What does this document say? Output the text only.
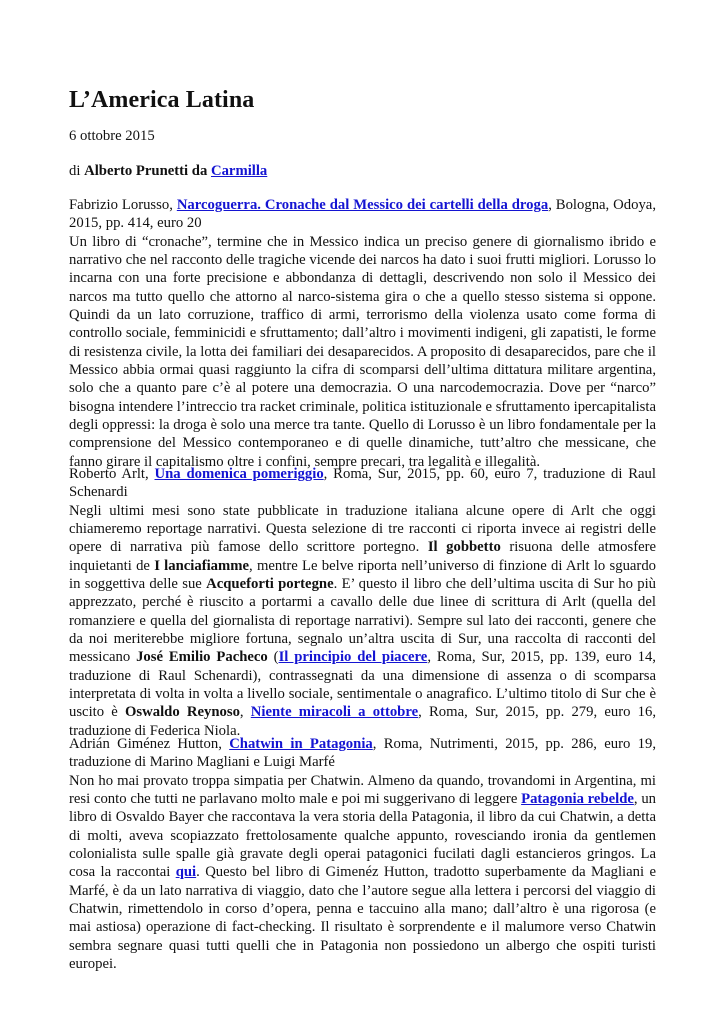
L’America Latina
6 ottobre 2015
di Alberto Prunetti da Carmilla

Fabrizio Lorusso, Narcoguerra. Cronache dal Messico dei cartelli della droga, Bologna, Odoya, 2015, pp. 414, euro 20

Un libro di “cronache”, termine che in Messico indica un preciso genere di giornalismo ibrido e narrativo che nel racconto delle tragiche vicende dei narcos ha dato i suoi frutti migliori. Lorusso lo incarna con una forte precisione e abbondanza di dettagli, descrivendo non solo il Messico dei narcos ma tutto quello che attorno al narco-sistema gira o che a quello stesso sistema si oppone. Quindi da un lato corruzione, traffico di armi, terrorismo della violenza usato come forma di controllo sociale, femminicidi e sfruttamento; dall’altro i movimenti indigeni, gli zapatisti, le forme di resistenza civile, la lotta dei familiari dei desaparecidos. A proposito di desaparecidos, pare che il Messico abbia ormai quasi raggiunto la cifra di scomparsi dell’ultima dittatura militare argentina, solo che a quanto pare c’è al potere una democrazia. O una narcodemocrazia. Dove per “narco” bisogna intendere l’intreccio tra racket criminale, politica istituzionale e sfruttamento ipercapitalista degli oppressi: la droga è solo una merce tra tante. Quello di Lorusso è un libro fondamentale per la comprensione del Messico contemporaneo e di quelle dinamiche, tutt’altro che messicane, che fanno girare il capitalismo oltre i confini, sempre precari, tra legalità e illegalità.

Roberto Arlt, Una domenica pomeriggio, Roma, Sur, 2015, pp. 60, euro 7, traduzione di Raul Schenardi

Negli ultimi mesi sono state pubblicate in traduzione italiana alcune opere di Arlt che oggi chiameremo reportage narrativi. Questa selezione di tre racconti ci riporta invece ai registri delle opere di narrativa più famose dello scrittore portegno. Il gobbetto risuona delle atmosfere inquietanti de I lanciafiamme, mentre Le belve riporta nell’universo di finzione di Arlt lo sguardo in soggettiva delle sue Acqueforti portegne. E’ questo il libro che dell’ultima uscita di Sur ho più apprezzato, perché è riuscito a portarmi a cavallo delle due linee di scrittura di Arlt (quella del romanziere e quella del giornalista di reportage narrativi). Sempre sul lato dei racconti, genere che da noi meriterebbe migliore fortuna, segnalo un’altra uscita di Sur, una raccolta di racconti del messicano José Emilio Pacheco (Il principio del piacere, Roma, Sur, 2015, pp. 139, euro 14, traduzione di Raul Schenardi), contrassegnati da una dimensione di assenza o di scomparsa interpretata di volta in volta a livello sociale, sentimentale o anagrafico. L’ultimo titolo di Sur che è uscito è Oswaldo Reynoso, Niente miracoli a ottobre, Roma, Sur, 2015, pp. 279, euro 16, traduzione di Federica Niola.

Adrián Giménez Hutton, Chatwin in Patagonia, Roma, Nutrimenti, 2015, pp. 286, euro 19, traduzione di Marino Magliani e Luigi Marfé

Non ho mai provato troppa simpatia per Chatwin. Almeno da quando, trovandomi in Argentina, mi resi conto che tutti ne parlavano molto male e poi mi suggerivano di leggere Patagonia rebelde, un libro di Osvaldo Bayer che raccontava la vera storia della Patagonia, il libro da cui Chatwin, a detta di molti, aveva scopiazzato frettolosamente qualche appunto, rovesciando ironia da gentlemen colonialista sulle spalle già gravate degli operai patagonici fucilati dagli estancieros gringos. La cosa la raccontai qui. Questo bel libro di Gimenéz Hutton, tradotto superbamente da Magliani e Marfé, è da un lato narrativa di viaggio, dato che l’autore segue alla lettera i percorsi del viaggio di Chatwin, rimettendolo in corso d’opera, penna e taccuino alla mano; dall’altro è una rigorosa (e mai astiosa) operazione di fact-checking. Il risultato è sorprendente e il malumore verso Chatwin sembra segnare quasi tutti quelli che in Patagonia non possiedono un albergo che ospiti turisti europei.
